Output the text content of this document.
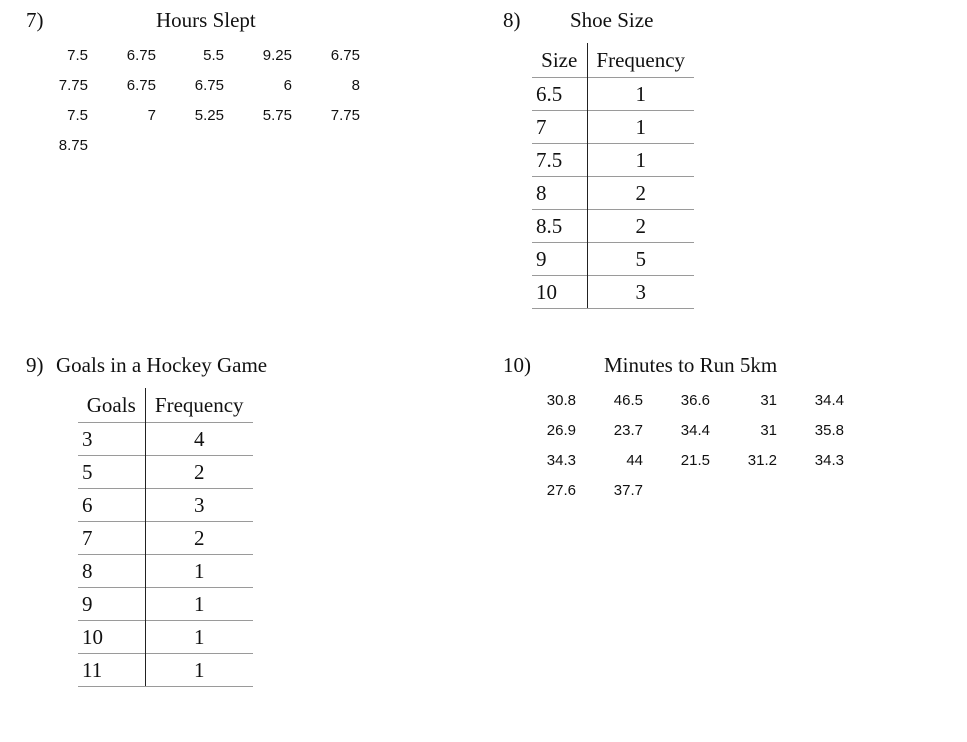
7)	Hours Slept
7.5	6.75	5.5	9.25	6.75
7.75	6.75	6.75	6	8
7.5	7	5.25	5.75	7.75
8.75
8) Shoe Size
Size	Frequency
6.5	1
7	1
7.5	1
8	2
8.5	2
9	5
10	3
9) Goals in a Hockey Game
Goals	Frequency
3	4
5	2
6	3
7	2
8	1
9	1
10	1
11	1
10)	Minutes to Run 5km
30.8	46.5	36.6	31	34.4
26.9	23.7	34.4	31	35.8
34.3	44	21.5	31.2	34.3
27.6	37.7
